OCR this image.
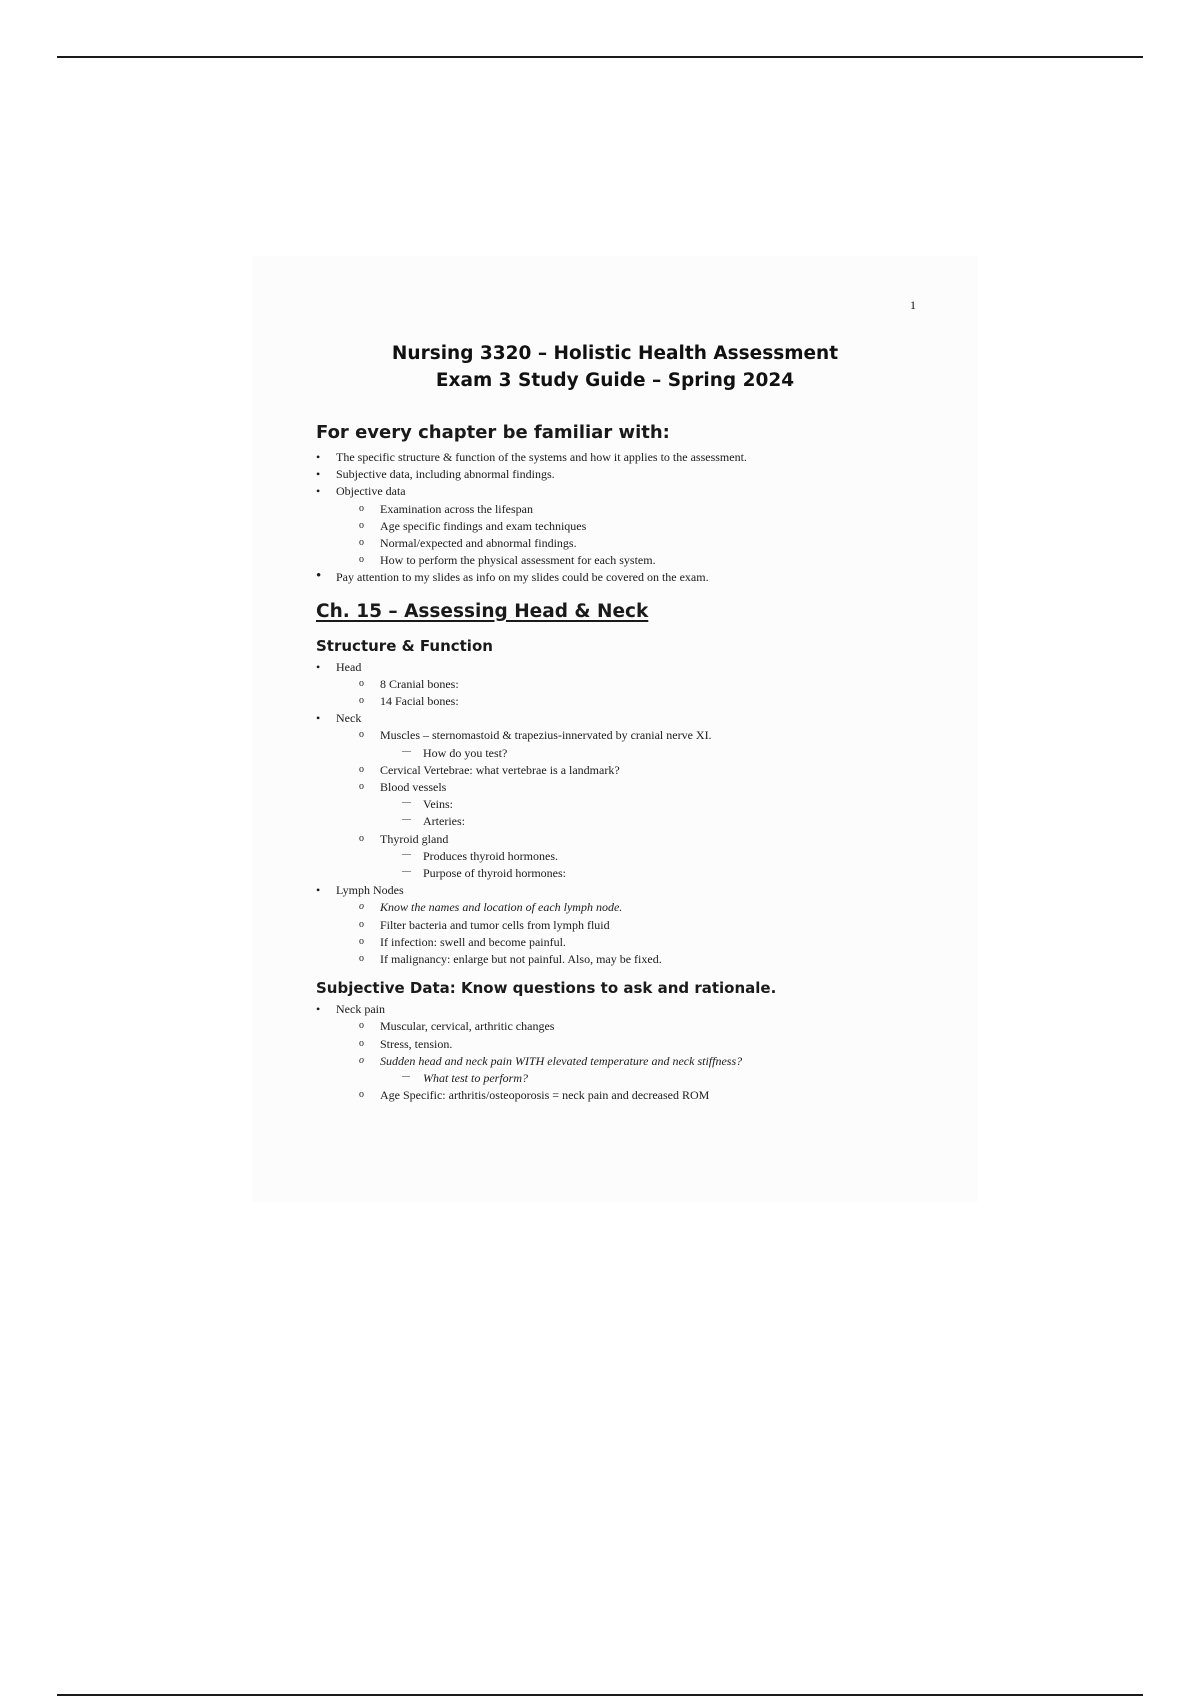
1
Nursing 3320 – Holistic Health Assessment
Exam 3 Study Guide – Spring 2024
For every chapter be familiar with:
• The specific structure & function of the systems and how it applies to the assessment.
• Subjective data, including abnormal findings.
• Objective data
o Examination across the lifespan
o Age specific findings and exam techniques
o Normal/expected and abnormal findings.
o How to perform the physical assessment for each system.
• Pay attention to my slides as info on my slides could be covered on the exam.
Ch. 15 – Assessing Head & Neck
Structure & Function
• Head
o 8 Cranial bones:
o 14 Facial bones:
• Neck
o Muscles – sternomastoid & trapezius-innervated by cranial nerve XI.
— How do you test?
o Cervical Vertebrae: what vertebrae is a landmark?
o Blood vessels
— Veins:
— Arteries:
o Thyroid gland
— Produces thyroid hormones.
— Purpose of thyroid hormones:
• Lymph Nodes
o Know the names and location of each lymph node.
o Filter bacteria and tumor cells from lymph fluid
o If infection: swell and become painful.
o If malignancy: enlarge but not painful. Also, may be fixed.
Subjective Data: Know questions to ask and rationale.
• Neck pain
o Muscular, cervical, arthritic changes
o Stress, tension.
o Sudden head and neck pain WITH elevated temperature and neck stiffness?
— What test to perform?
o Age Specific: arthritis/osteoporosis = neck pain and decreased ROM
